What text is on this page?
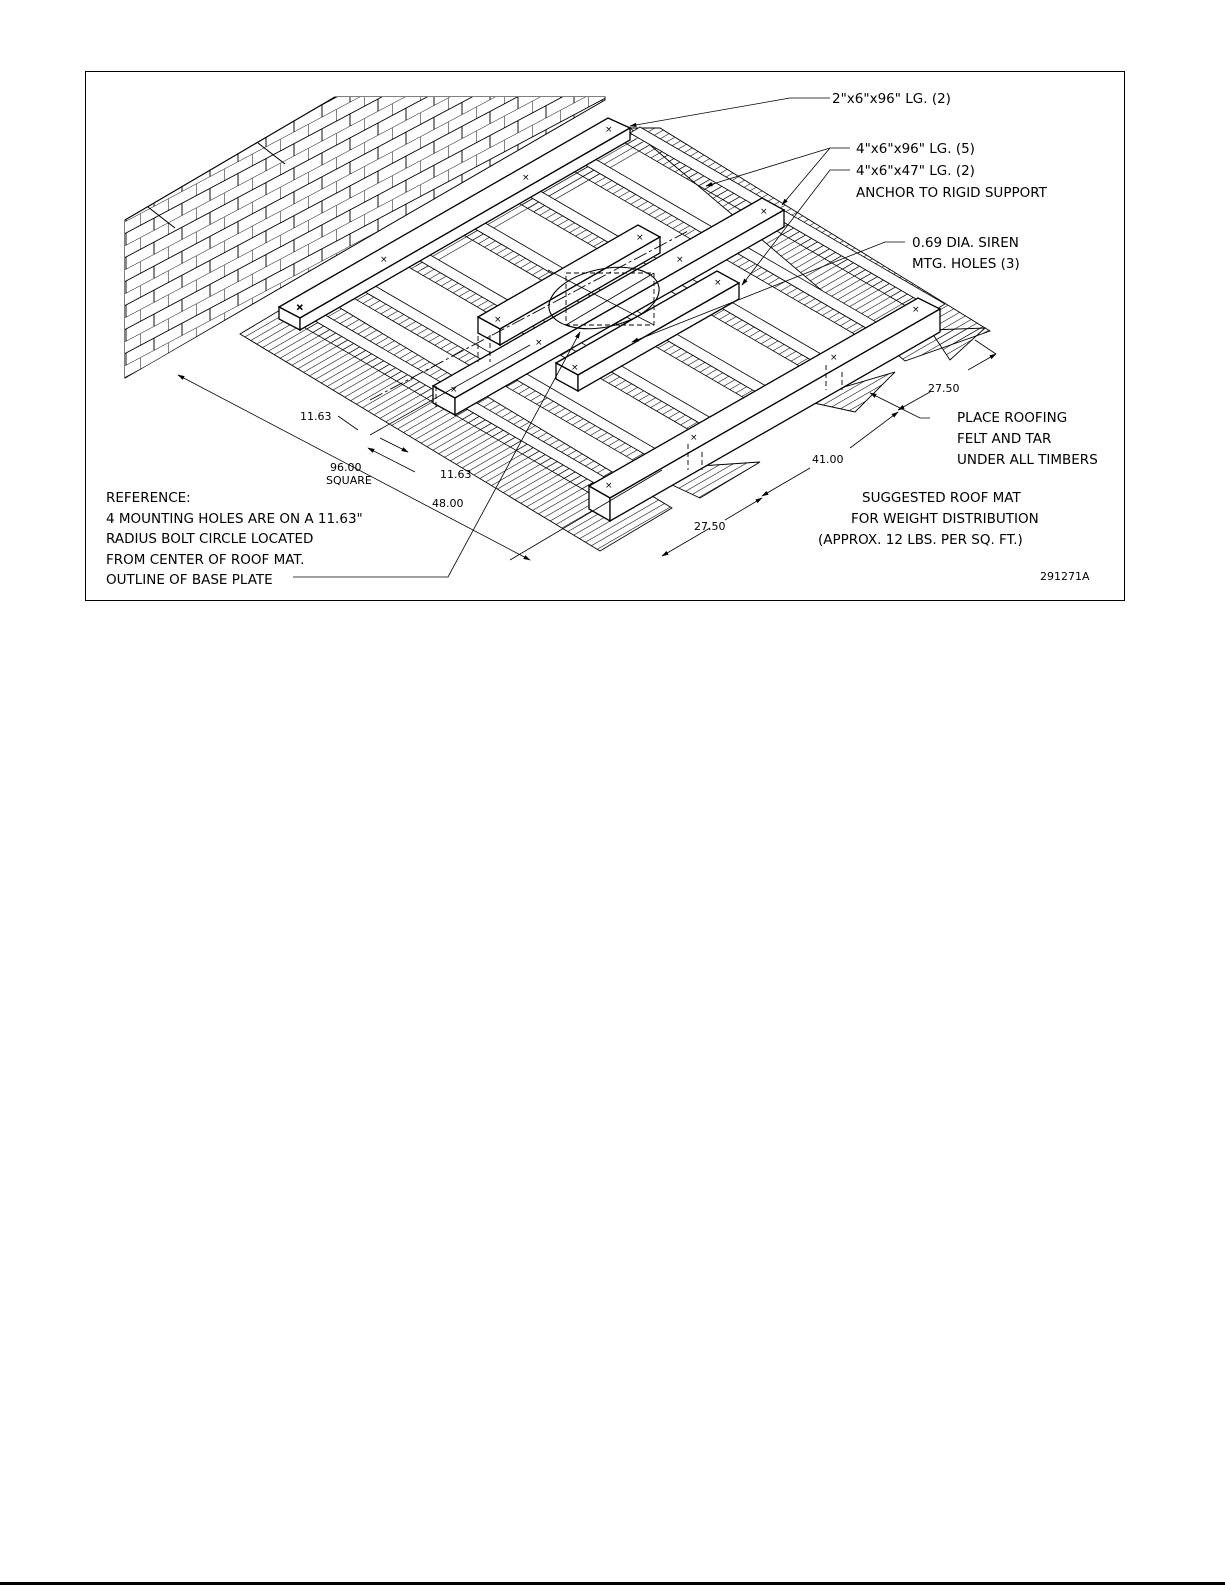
×
×
×
×
×
×
×
×
×
×
×
×
×
×
×
×
2"x6"x96" LG. (2)
4"x6"x96" LG. (5)
4"x6"x47" LG. (2)
ANCHOR TO RIGID SUPPORT
0.69 DIA. SIREN
MTG. HOLES (3)
PLACE ROOFING
FELT AND TAR
UNDER ALL TIMBERS
SUGGESTED ROOF MAT
FOR WEIGHT DISTRIBUTION
(APPROX. 12 LBS. PER SQ. FT.)
REFERENCE:
4 MOUNTING HOLES ARE ON A 11.63"
RADIUS BOLT CIRCLE LOCATED
FROM CENTER OF ROOF MAT.
OUTLINE OF BASE PLATE	291271A
11.63
11.63
96.00
SQUARE
48.00
27.50
41.00
27.50
